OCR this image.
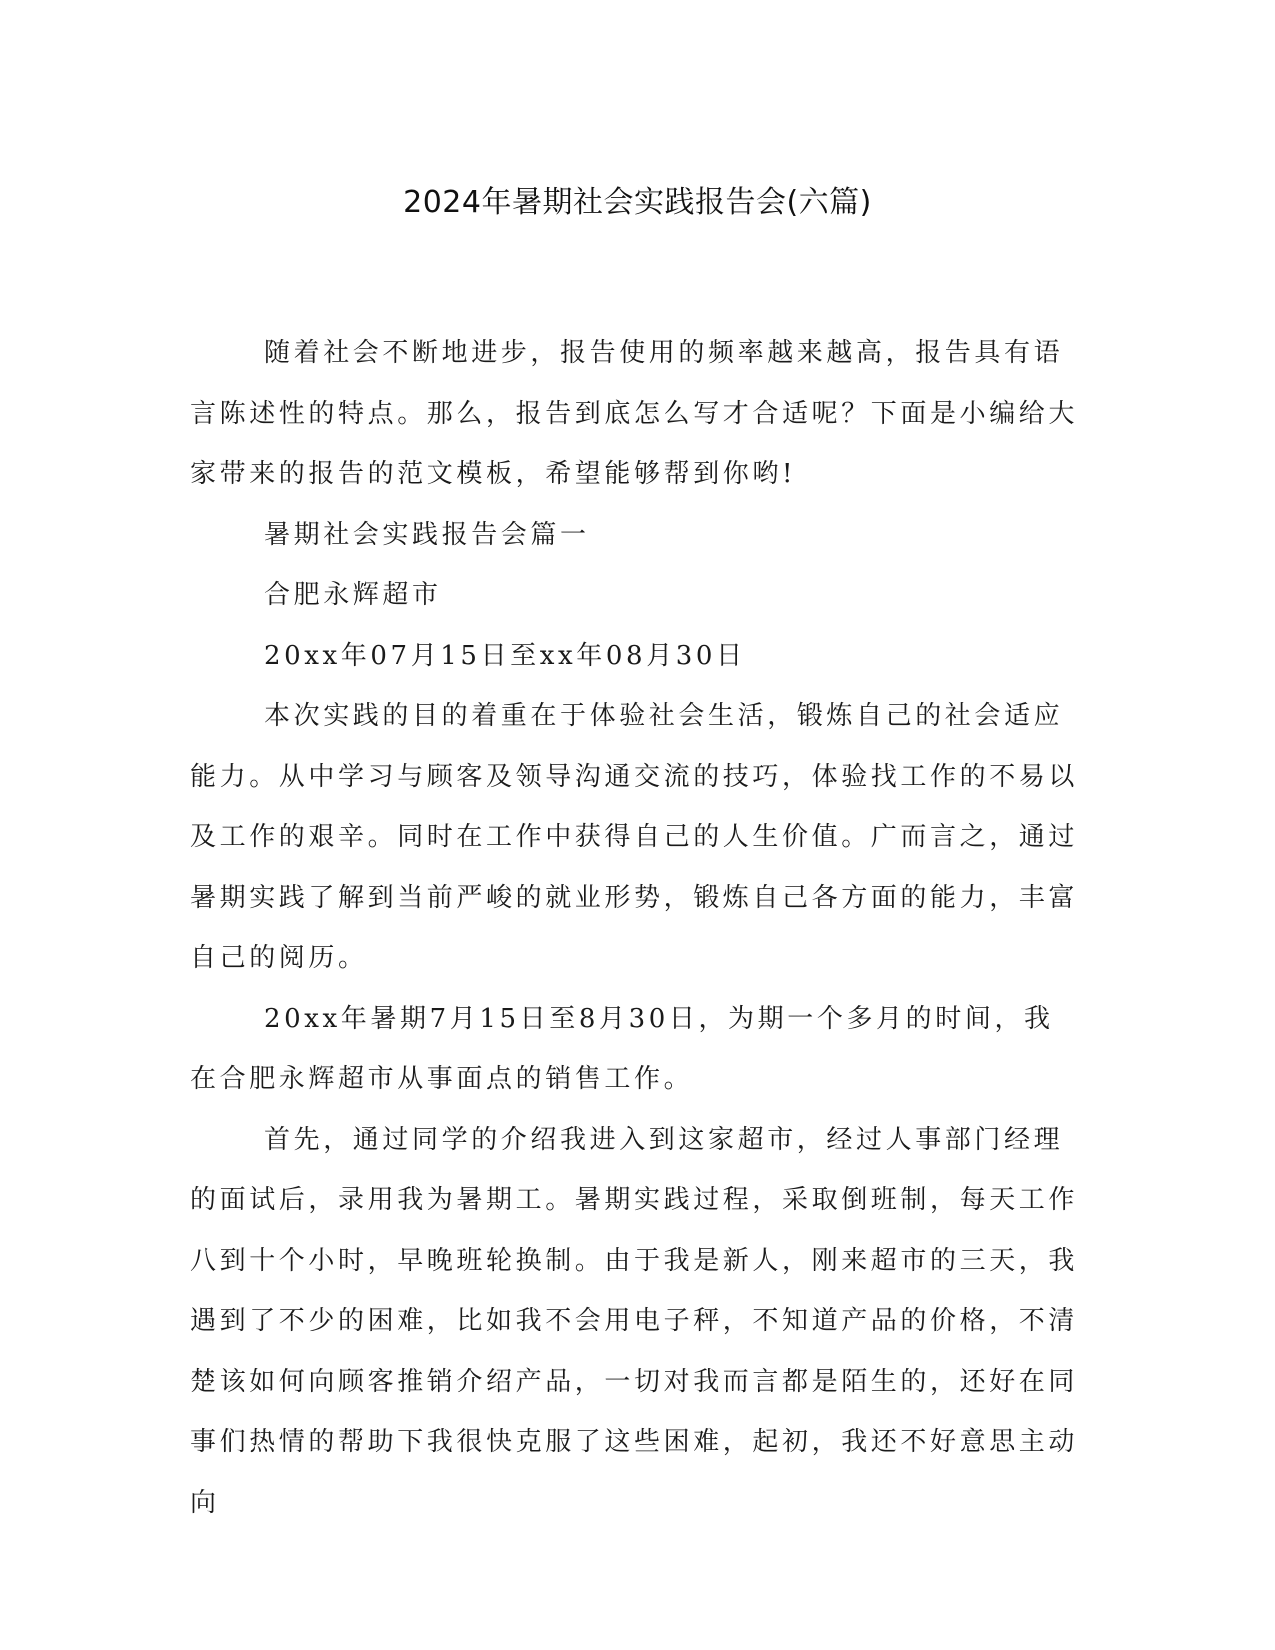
2024年暑期社会实践报告会(六篇)

随着社会不断地进步，报告使用的频率越来越高，报告具有语言陈述性的特点。那么，报告到底怎么写才合适呢？下面是小编给大家带来的报告的范文模板，希望能够帮到你哟!

暑期社会实践报告会篇一

合肥永辉超市

20xx年07月15日至xx年08月30日

本次实践的目的着重在于体验社会生活，锻炼自己的社会适应能力。从中学习与顾客及领导沟通交流的技巧，体验找工作的不易以及工作的艰辛。同时在工作中获得自己的人生价值。广而言之，通过暑期实践了解到当前严峻的就业形势，锻炼自己各方面的能力，丰富自己的阅历。

20xx年暑期7月15日至8月30日，为期一个多月的时间，我在合肥永辉超市从事面点的销售工作。

首先，通过同学的介绍我进入到这家超市，经过人事部门经理的面试后，录用我为暑期工。暑期实践过程，采取倒班制，每天工作八到十个小时，早晚班轮换制。由于我是新人，刚来超市的三天，我遇到了不少的困难，比如我不会用电子秤，不知道产品的价格，不清楚该如何向顾客推销介绍产品，一切对我而言都是陌生的，还好在同事们热情的帮助下我很快克服了这些困难，起初，我还不好意思主动向
